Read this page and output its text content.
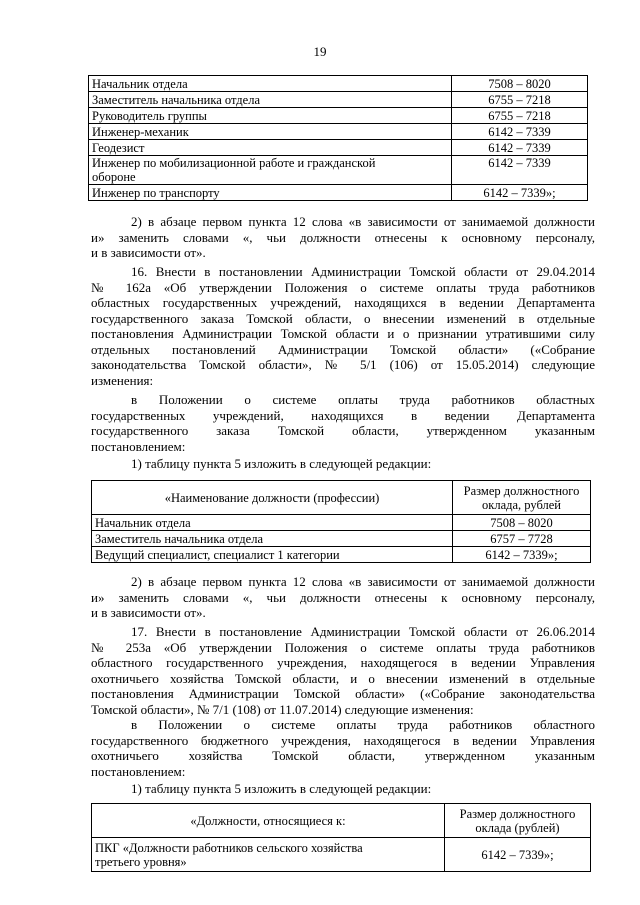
19
Начальник отдела	7508 – 8020
Заместитель начальника отдела	6755 – 7218
Руководитель группы	6755 – 7218
Инженер-механик	6142 – 7339
Геодезист	6142 – 7339

Инженер по мобилизационной работе и гражданской
обороне	6142 – 7339
Инженер по транспорту	6142 – 7339»;
2) в абзаце первом пункта 12 слова «в зависимости от занимаемой должности
и» заменить словами «, чьи должности отнесены к основному персоналу,
и в зависимости от».
16. Внести в постановлении Администрации Томской области от 29.04.2014
№ 162а «Об утверждении Положения о системе оплаты труда работников
областных государственных учреждений, находящихся в ведении Департамента
государственного заказа Томской области, о внесении изменений в отдельные
постановления Администрации Томской области и о признании утратившими силу
отдельных постановлений Администрации Томской области» («Собрание
законодательства Томской области», № 5/1 (106) от 15.05.2014) следующие
изменения:
в Положении о системе оплаты труда работников областных
государственных учреждений, находящихся в ведении Департамента
государственного заказа Томской области, утвержденном указанным
постановлением:
1) таблицу пункта 5 изложить в следующей редакции:
«Наименование должности (профессии)	Размер должностного
оклада, рублей

Начальник отдела	7508 – 8020
Заместитель начальника отдела	6757 – 7728
Ведущий специалист, специалист 1 категории	6142 – 7339»;
2) в абзаце первом пункта 12 слова «в зависимости от занимаемой должности
и» заменить словами «, чьи должности отнесены к основному персоналу,
и в зависимости от».
17. Внести в постановление Администрации Томской области от 26.06.2014
№ 253а «Об утверждении Положения о системе оплаты труда работников
областного государственного учреждения, находящегося в ведении Управления
охотничьего хозяйства Томской области, и о внесении изменений в отдельные
постановления Администрации Томской области» («Собрание законодательства
Томской области», № 7/1 (108) от 11.07.2014) следующие изменения:
в Положении о системе оплаты труда работников областного
государственного бюджетного учреждения, находящегося в ведении Управления
охотничьего хозяйства Томской области, утвержденном указанным
постановлением:
1) таблицу пункта 5 изложить в следующей редакции:
«Должности, относящиеся к:	Размер должностного
оклада (рублей)

ПКГ «Должности работников сельского хозяйства
третьего уровня»	6142 – 7339»;
